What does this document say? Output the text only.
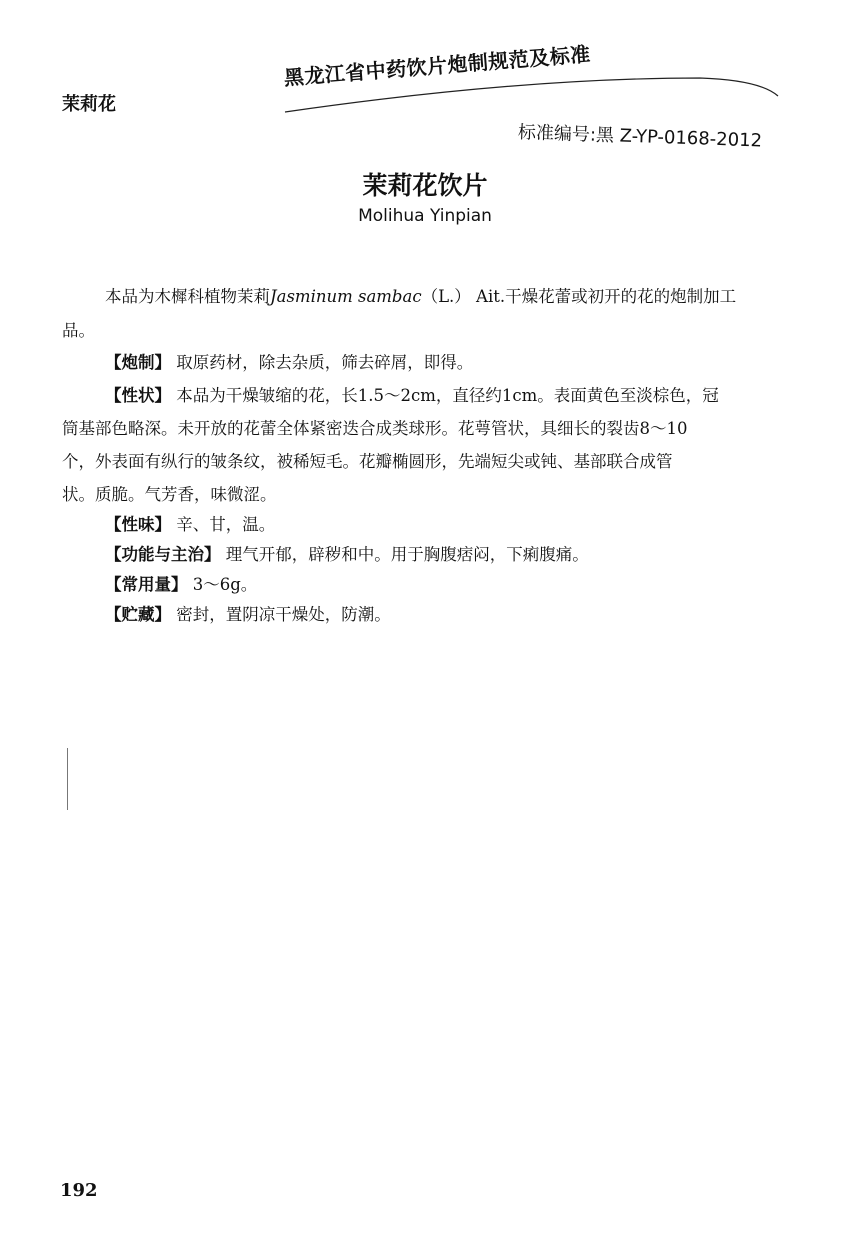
茉莉花
黑龙江省中药饮片炮制规范及标准
标准编号:黑 Z-YP-0168-2012
茉莉花饮片
Molihua Yinpian
本品为木樨科植物茉莉Jasminum sambac（L.） Ait.干燥花蕾或初开的花的炮制加工
品。
【炮制】 取原药材，除去杂质，筛去碎屑，即得。
【性状】 本品为干燥皱缩的花，长1.5～2cm，直径约1cm。表面黄色至淡棕色，冠
筒基部色略深。未开放的花蕾全体紧密迭合成类球形。花萼管状，具细长的裂齿8～10
个，外表面有纵行的皱条纹，被稀短毛。花瓣椭圆形，先端短尖或钝、基部联合成管
状。质脆。气芳香，味微涩。
【性味】 辛、甘，温。
【功能与主治】 理气开郁，辟秽和中。用于胸腹痞闷，下痢腹痛。
【常用量】 3～6g。
【贮藏】 密封，置阴凉干燥处，防潮。
192
